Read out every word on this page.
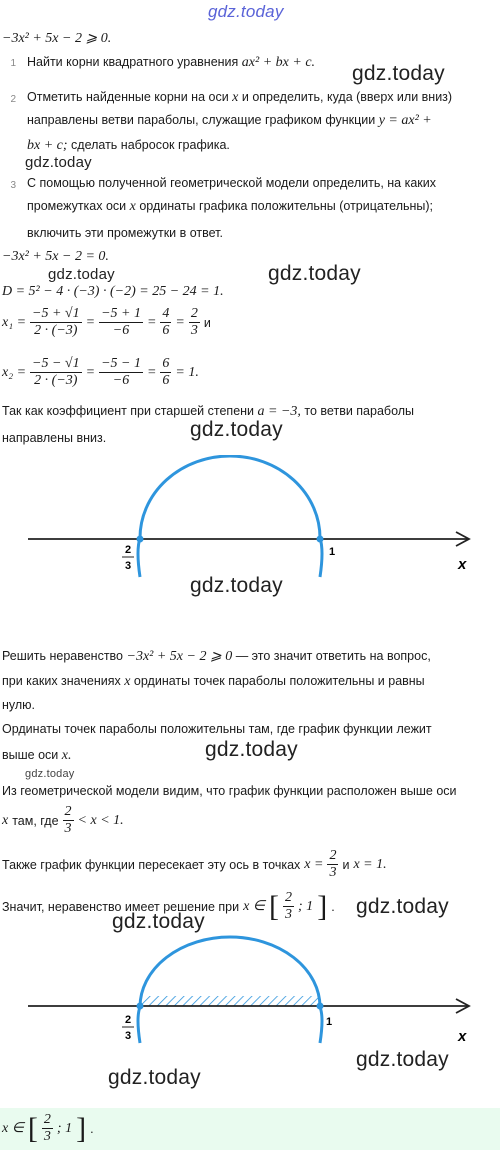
gdz.today
−3x² + 5x − 2 ⩾ 0.
1 Найти корни квадратного уравнения ax² + bx + c. gdz.today
2 Отметить найденные корни на оси x и определить, куда (вверх или вниз)
направлены ветви параболы, служащие графиком функции y = ax² +
bx + c; сделать набросок графика.
gdz.today
3 С помощью полученной геометрической модели определить, на каких
промежутках оси x ординаты графика положительны (отрицательны);
включить эти промежутки в ответ.
−3x² + 5x − 2 = 0.
gdz.today	gdz.today
D = 5² − 4 · (−3) · (−2) = 25 − 24 = 1.
$x_1 = \frac{-5 + √1}{2 \cdot (-3)} = \frac{-5 + 1}{-6} = \frac{4}{6} = \frac{2}{3}$ и
$x_2 = \frac{-5 - √1}{2 \cdot (-3)} = \frac{-5 - 1}{-6} = \frac{6}{6} = 1$.
Так как коэффициент при старшей степени a = −3, то ветви параболы
gdz.today
направлены вниз.
2
3
1
x
gdz.today
Решить неравенство −3x² + 5x − 2 ⩾ 0 — это значит ответить на вопрос,
при каких значениях x ординаты точек параболы положительны и равны
нулю.
Ординаты точек параболы положительны там, где график функции лежит
gdz.today
выше оси x.
gdz.today
Из геометрической модели видим, что график функции расположен выше оси
x там, где $\frac{2}{3} < x < 1$.
Также график функции пересекает эту ось в точках $x = \frac{2}{3}$ и x = 1.
Значит, неравенство имеет решение при x ∈ [ $\frac{2}{3}$ ; 1 ] . gdz.today
gdz.today
2
3
1
x
gdz.today
gdz.today
x ∈ [ $\frac{2}{3}$ ; 1 ] .
